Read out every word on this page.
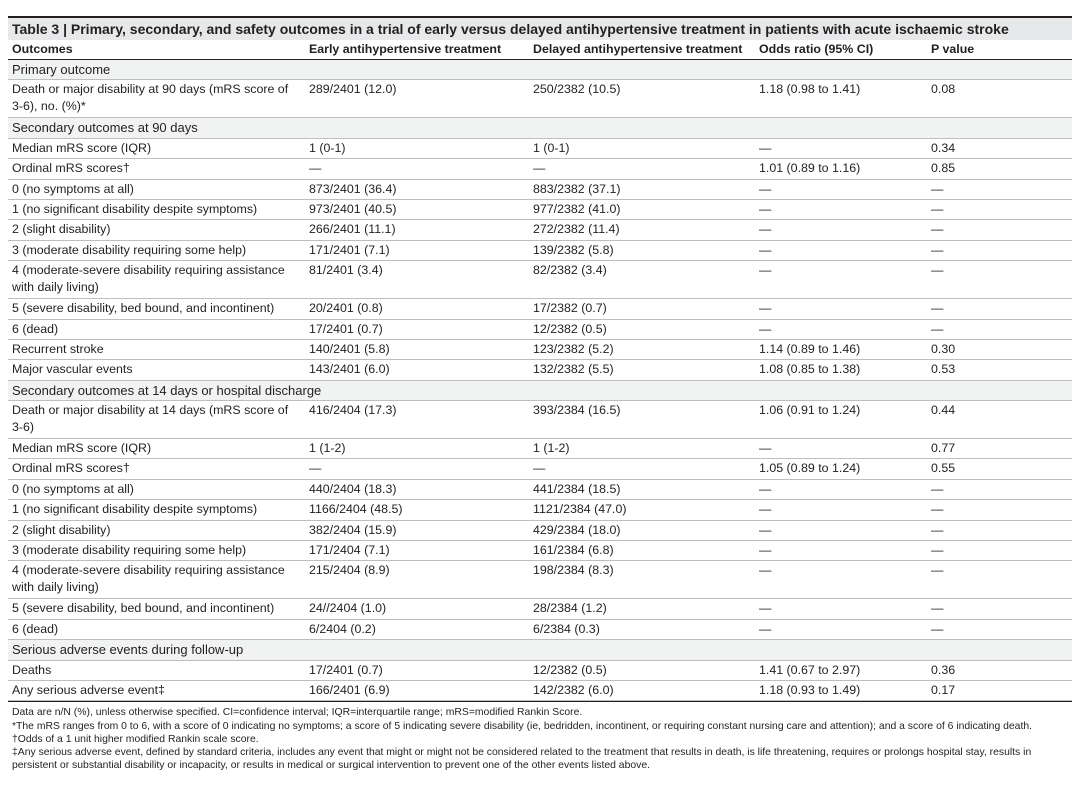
Table 3 | Primary, secondary, and safety outcomes in a trial of early versus delayed antihypertensive treatment in patients with acute ischaemic stroke
Outcomes	Early antihypertensive treatment	Delayed antihypertensive treatment	Odds ratio (95% CI)	P value
Primary outcome				
Death or major disability at 90 days (mRS score of 3-6), no. (%)*	289/2401 (12.0)	250/2382 (10.5)	1.18 (0.98 to 1.41)	0.08
Secondary outcomes at 90 days				
Median mRS score (IQR)	1 (0-1)	1 (0-1)	—	0.34
Ordinal mRS scores†	—	—	1.01 (0.89 to 1.16)	0.85
0 (no symptoms at all)	873/2401 (36.4)	883/2382 (37.1)	—	—
1 (no significant disability despite symptoms)	973/2401 (40.5)	977/2382 (41.0)	—	—
2 (slight disability)	266/2401 (11.1)	272/2382 (11.4)	—	—
3 (moderate disability requiring some help)	171/2401 (7.1)	139/2382 (5.8)	—	—
4 (moderate-severe disability requiring assistance with daily living)	81/2401 (3.4)	82/2382 (3.4)	—	—
5 (severe disability, bed bound, and incontinent)	20/2401 (0.8)	17/2382 (0.7)	—	—
6 (dead)	17/2401 (0.7)	12/2382 (0.5)	—	—
Recurrent stroke	140/2401 (5.8)	123/2382 (5.2)	1.14 (0.89 to 1.46)	0.30
Major vascular events	143/2401 (6.0)	132/2382 (5.5)	1.08 (0.85 to 1.38)	0.53
Secondary outcomes at 14 days or hospital discharge				
Death or major disability at 14 days (mRS score of 3-6)	416/2404 (17.3)	393/2384 (16.5)	1.06 (0.91 to 1.24)	0.44
Median mRS score (IQR)	1 (1-2)	1 (1-2)	—	0.77
Ordinal mRS scores†	—	—	1.05 (0.89 to 1.24)	0.55
0 (no symptoms at all)	440/2404 (18.3)	441/2384 (18.5)	—	—
1 (no significant disability despite symptoms)	1166/2404 (48.5)	1121/2384 (47.0)	—	—
2 (slight disability)	382/2404 (15.9)	429/2384 (18.0)	—	—
3 (moderate disability requiring some help)	171/2404 (7.1)	161/2384 (6.8)	—	—
4 (moderate-severe disability requiring assistance with daily living)	215/2404 (8.9)	198/2384 (8.3)	—	—
5 (severe disability, bed bound, and incontinent)	24//2404 (1.0)	28/2384 (1.2)	—	—
6 (dead)	6/2404 (0.2)	6/2384 (0.3)	—	—
Serious adverse events during follow-up				
Deaths	17/2401 (0.7)	12/2382 (0.5)	1.41 (0.67 to 2.97)	0.36
Any serious adverse event‡	166/2401 (6.9)	142/2382 (6.0)	1.18 (0.93 to 1.49)	0.17
Data are n/N (%), unless otherwise specified. CI=confidence interval; IQR=interquartile range; mRS=modified Rankin Score.
*The mRS ranges from 0 to 6, with a score of 0 indicating no symptoms; a score of 5 indicating severe disability (ie, bedridden, incontinent, or requiring constant nursing care and attention); and a score of 6 indicating death.
†Odds of a 1 unit higher modified Rankin scale score.
‡Any serious adverse event, defined by standard criteria, includes any event that might or might not be considered related to the treatment that results in death, is life threatening, requires or prolongs hospital stay, results in persistent or substantial disability or incapacity, or results in medical or surgical intervention to prevent one of the other events listed above.
